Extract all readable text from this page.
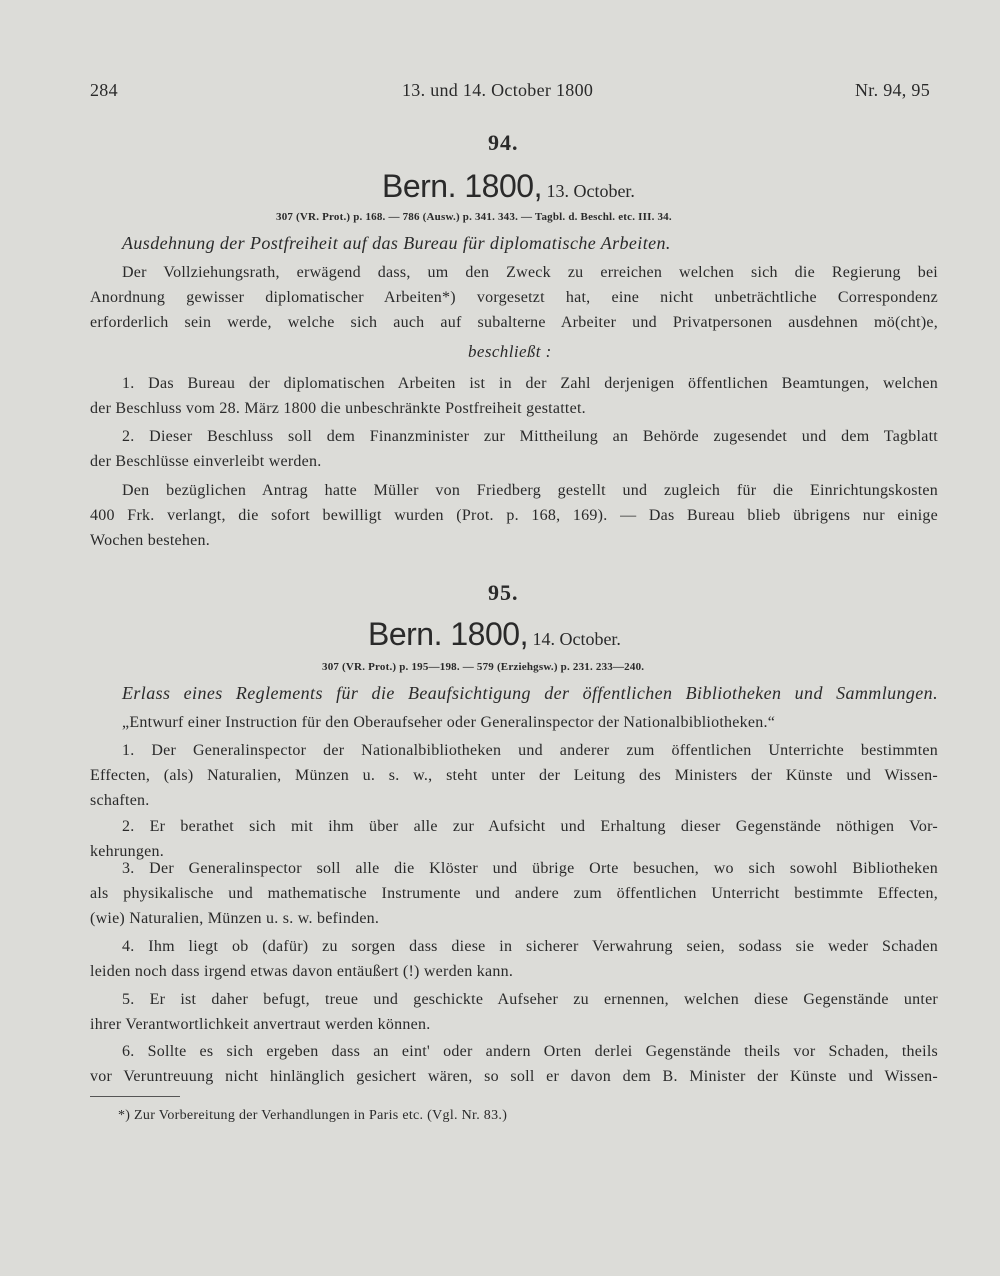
284	13. und 14. October 1800	Nr. 94, 95
94.
Bern. 1800, 13. October.
307 (VR. Prot.) p. 168. — 786 (Ausw.) p. 341. 343. — Tagbl. d. Beschl. etc. III. 34.
Ausdehnung der Postfreiheit auf das Bureau für diplomatische Arbeiten.
Der Vollziehungsrath, erwägend dass, um den Zweck zu erreichen welchen sich die Regierung bei
Anordnung gewisser diplomatischer Arbeiten*) vorgesetzt hat, eine nicht unbeträchtliche Correspondenz
erforderlich sein werde, welche sich auch auf subalterne Arbeiter und Privatpersonen ausdehnen mö(cht)e,
beschließt :
1. Das Bureau der diplomatischen Arbeiten ist in der Zahl derjenigen öffentlichen Beamtungen, welchen
der Beschluss vom 28. März 1800 die unbeschränkte Postfreiheit gestattet.
2. Dieser Beschluss soll dem Finanzminister zur Mittheilung an Behörde zugesendet und dem Tagblatt
der Beschlüsse einverleibt werden.
Den bezüglichen Antrag hatte Müller von Friedberg gestellt und zugleich für die Einrichtungskosten
400 Frk. verlangt, die sofort bewilligt wurden (Prot. p. 168, 169). — Das Bureau blieb übrigens nur einige
Wochen bestehen.
95.
Bern. 1800, 14. October.
307 (VR. Prot.) p. 195—198. — 579 (Erziehgsw.) p. 231. 233—240.
Erlass eines Reglements für die Beaufsichtigung der öffentlichen Bibliotheken und Sammlungen.
„Entwurf einer Instruction für den Oberaufseher oder Generalinspector der Nationalbibliotheken.“
1. Der Generalinspector der Nationalbibliotheken und anderer zum öffentlichen Unterrichte bestimmten
Effecten, (als) Naturalien, Münzen u. s. w., steht unter der Leitung des Ministers der Künste und Wissen-
schaften.
2. Er berathet sich mit ihm über alle zur Aufsicht und Erhaltung dieser Gegenstände nöthigen Vor-
kehrungen.
3. Der Generalinspector soll alle die Klöster und übrige Orte besuchen, wo sich sowohl Bibliotheken
als physikalische und mathematische Instrumente und andere zum öffentlichen Unterricht bestimmte Effecten,
(wie) Naturalien, Münzen u. s. w. befinden.
4. Ihm liegt ob (dafür) zu sorgen dass diese in sicherer Verwahrung seien, sodass sie weder Schaden
leiden noch dass irgend etwas davon entäußert (!) werden kann.
5. Er ist daher befugt, treue und geschickte Aufseher zu ernennen, welchen diese Gegenstände unter
ihrer Verantwortlichkeit anvertraut werden können.
6. Sollte es sich ergeben dass an eint' oder andern Orten derlei Gegenstände theils vor Schaden, theils
vor Veruntreuung nicht hinlänglich gesichert wären, so soll er davon dem B. Minister der Künste und Wissen-
*) Zur Vorbereitung der Verhandlungen in Paris etc. (Vgl. Nr. 83.)
